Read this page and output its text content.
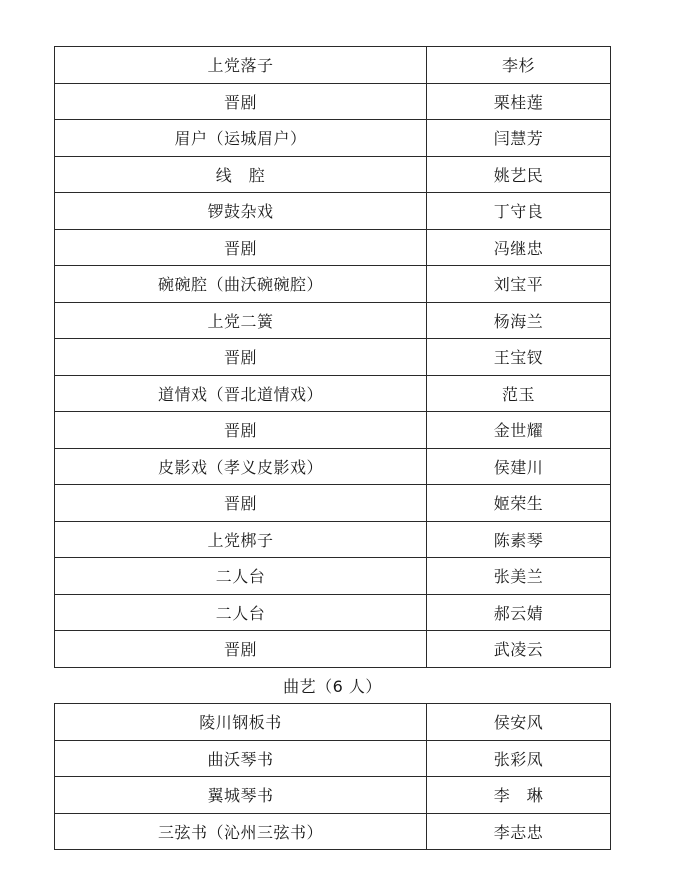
上党落子	李杉
晋剧	栗桂莲
眉户（运城眉户）	闫慧芳
线　腔	姚艺民
锣鼓杂戏	丁守良
晋剧	冯继忠
碗碗腔（曲沃碗碗腔）	刘宝平
上党二簧	杨海兰
晋剧	王宝钗
道情戏（晋北道情戏）	范玉
晋剧	金世耀
皮影戏（孝义皮影戏）	侯建川
晋剧	姬荣生
上党梆子	陈素琴
二人台	张美兰
二人台	郝云婧
晋剧	武凌云
曲艺（6 人）	
陵川钢板书	侯安风
曲沃琴书	张彩凤
翼城琴书	李　琳
三弦书（沁州三弦书）	李志忠
